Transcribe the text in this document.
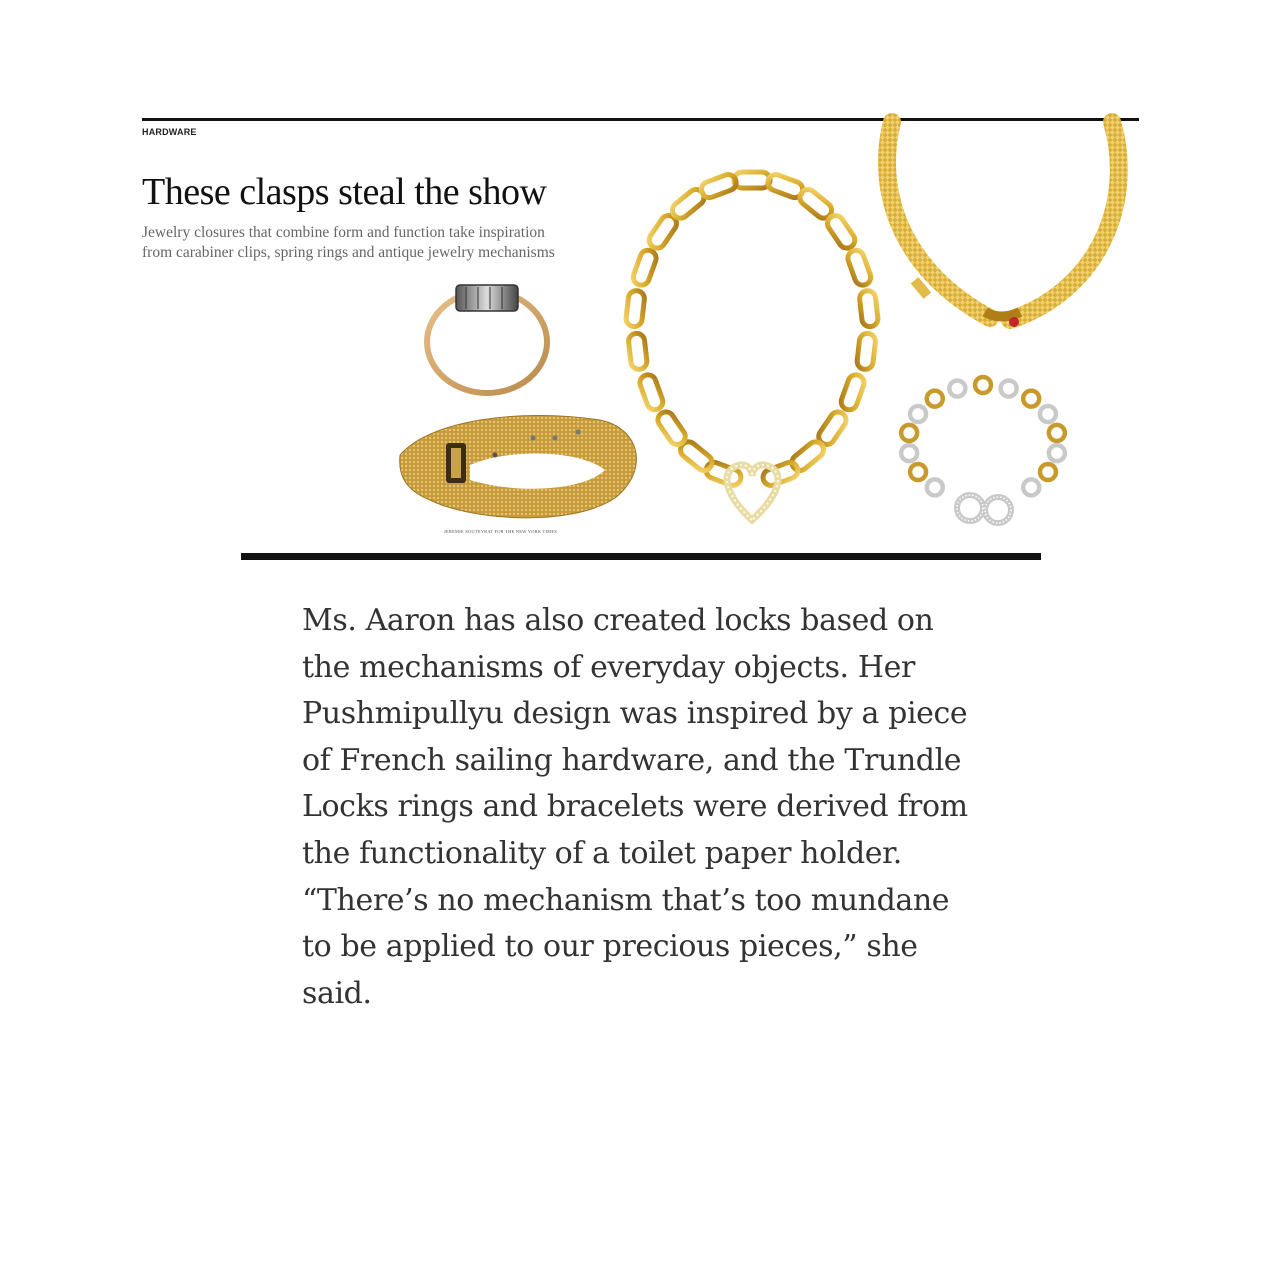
HARDWARE
These clasps steal the show
Jewelry closures that combine form and function take inspiration
from carabiner clips, spring rings and antique jewelry mechanisms
JEREMIE SOUTEYRAT FOR THE NEW YORK TIMES
Ms. Aaron has also created locks based on
the mechanisms of everyday objects. Her
Pushmipullyu design was inspired by a piece
of French sailing hardware, and the Trundle
Locks rings and bracelets were derived from
the functionality of a toilet paper holder.
“There’s no mechanism that’s too mundane
to be applied to our precious pieces,” she
said.
